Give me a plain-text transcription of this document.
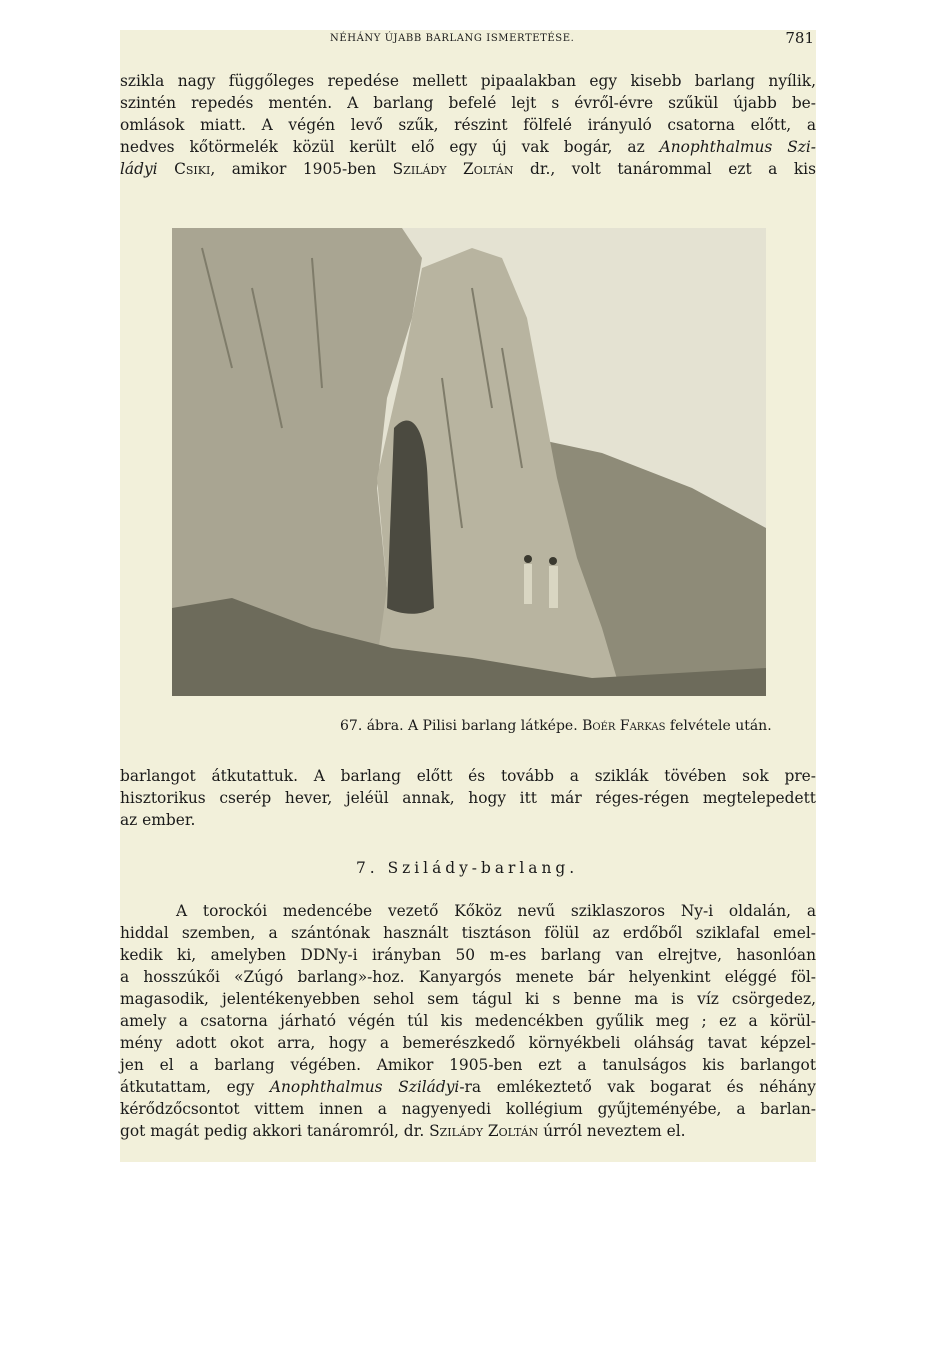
NÉHÁNY ÚJABB BARLANG ISMERTETÉSE.	781

szikla nagy függőleges repedése mellett pipaalakban egy kisebb barlang nyílik,
szintén repedés mentén. A barlang befelé lejt s évről-évre szűkül újabb be-
omlások miatt. A végén levő szűk, részint fölfelé irányuló csatorna előtt, a
nedves kőtörmelék közül került elő egy új vak bogár, az Anophthalmus Szi-
ládyi Csiki, amikor 1905-ben Szilády Zoltán dr., volt tanárommal ezt a kis

67. ábra. A Pilisi barlang látképe. Boér Farkas felvétele után.

barlangot átkutattuk. A barlang előtt és tovább a sziklák tövében sok pre-
hisztorikus cserép hever, jeléül annak, hogy itt már réges-régen megtelepedett
az ember.

7. Szilády-barlang.

A torockói medencébe vezető Kőköz nevű sziklaszoros Ny-i oldalán, a
hiddal szemben, a szántónak használt tisztáson fölül az erdőből sziklafal emel-
kedik ki, amelyben DDNy-i irányban 50 m-es barlang van elrejtve, hasonlóan
a hosszúkői «Zúgó barlang»-hoz. Kanyargós menete bár helyenkint eléggé föl-
magasodik, jelentékenyebben sehol sem tágul ki s benne ma is víz csörgedez,
amely a csatorna járható végén túl kis medencékben gyűlik meg ; ez a körül-
mény adott okot arra, hogy a bemerészkedő környékbeli oláhság tavat képzel-
jen el a barlang végében. Amikor 1905-ben ezt a tanulságos kis barlangot
átkutattam, egy Anophthalmus Sziládyi-ra emlékeztető vak bogarat és néhány
kérődzőcsontot vittem innen a nagyenyedi kollégium gyűjteményébe, a barlan-
got magát pedig akkori tanáromról, dr. Szilády Zoltán úrról neveztem el.
